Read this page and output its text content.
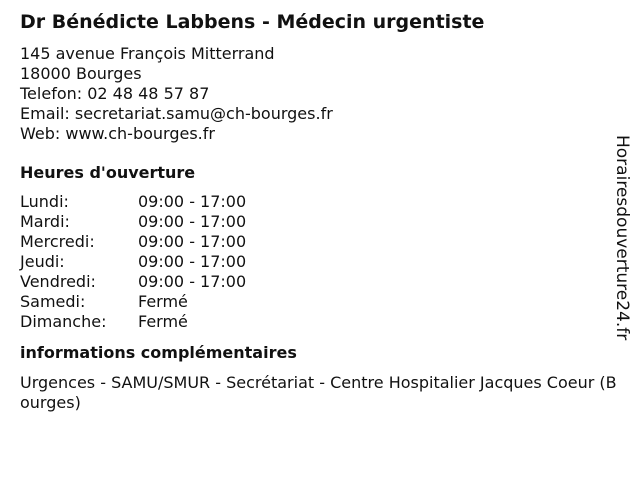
Dr Bénédicte Labbens - Médecin urgentiste
145 avenue François Mitterrand
18000 Bourges
Telefon: 02 48 48 57 87
Email: secretariat.samu@ch-bourges.fr
Web: www.ch-bourges.fr
Heures d'ouverture
Lundi:	09:00 - 17:00
Mardi:	09:00 - 17:00
Mercredi:	09:00 - 17:00
Jeudi:	09:00 - 17:00
Vendredi:	09:00 - 17:00
Samedi:	Fermé
Dimanche:	Fermé
informations complémentaires
Urgences - SAMU/SMUR - Secrétariat - Centre Hospitalier Jacques Coeur (Bourges)
Horairesdouverture24.fr
